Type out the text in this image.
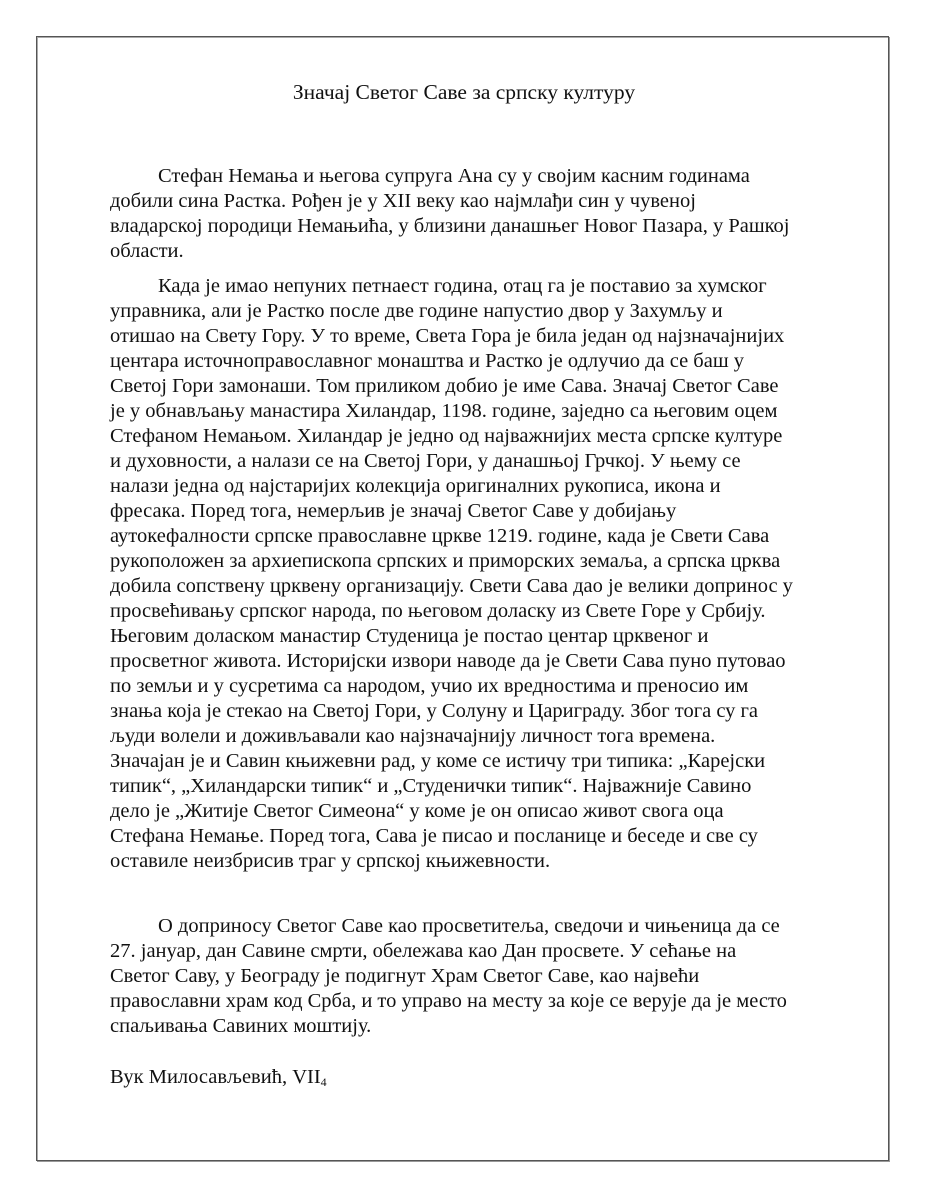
Значај Светог Саве за српску културу
Стефан Немања и његова супруга Ана су у својим касним годинама
добили сина Растка. Рођен је у XII веку као најмлађи син у чувеној
владарској породици Немањића, у близини данашњег Новог Пазара, у Рашкој
области.
Када је имао непуних петнаест година, отац га је поставио за хумског
управника, али је Растко после две године напустио двор у Захумљу и
отишао на Свету Гору. У то време, Света Гора је била један од најзначајнијих
центара источноправославног монаштва и Растко је одлучио да се баш у
Светој Гори замонаши. Том приликом добио је име Сава. Значај Светог Саве
је у обнављању манастира Хиландар, 1198. године, заједно са његовим оцем
Стефаном Немањом. Хиландар је једно од најважнијих места српске културе
и духовности, а налази се на Светој Гори, у данашњој Грчкој. У њему се
налази једна од најстаријих колекција оригиналних рукописа, икона и
фресака. Поред тога, немерљив је значај Светог Саве у добијању
аутокефалности српске православне цркве 1219. године, када је Свети Сава
рукоположен за архиепископа српских и приморских земаља, а српска црква
добила сопствену црквену организацију. Свети Сава дао је велики допринос у
просвећивању српског народа, по његовом доласку из Свете Горе у Србију.
Његовим доласком манастир Студеница је постао центар црквеног и
просветног живота. Историјски извори наводе да је Свети Сава пуно путовао
по земљи и у сусретима са народом, учио их вредностима и преносио им
знања која је стекао на Светој Гори, у Солуну и Цариграду. Због тога су га
људи волели и доживљавали као најзначајнију личност тога времена.
Значајан је и Савин књижевни рад, у коме се истичу три типика: „Карејски
типик“, „Хиландарски типик“ и „Студенички типик“. Најважније Савино
дело је „Житије Светог Симеона“ у коме је он описао живот свога оца
Стефана Немање. Поред тога, Сава је писао и посланице и беседе и све су
оставиле неизбрисив траг у српској књижевности.
О доприносу Светог Саве као просветитеља, сведочи и чињеница да се
27. јануар, дан Савине смрти, обележава као Дан просвете. У сећање на
Светог Саву, у Београду је подигнут Храм Светог Саве, као највећи
православни храм код Срба, и то управо на месту за које се верује да је место
спаљивања Савиних моштију.
Вук Милосављевић, $VII_4$
